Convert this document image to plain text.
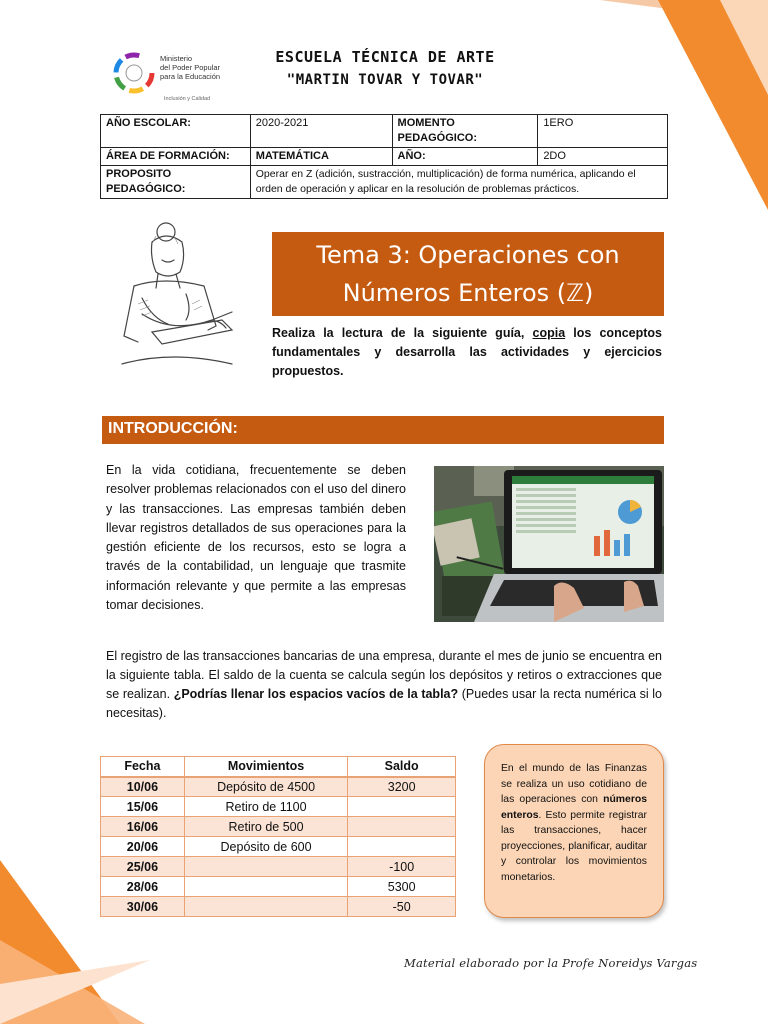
Ministerio
del Poder Popular
para la Educación
Inclusión y Calidad
ESCUELA TÉCNICA DE ARTE
"MARTIN TOVAR Y TOVAR"
AÑO ESCOLAR:	2020-2021	MOMENTO PEDAGÓGICO:	1ERO
ÁREA DE FORMACIÓN:	MATEMÁTICA	AÑO:	2DO
PROPOSITO PEDAGÓGICO:	Operar en Z (adición, sustracción, multiplicación) de forma numérica, aplicando el orden de operación y aplicar en la resolución de problemas prácticos.		
Tema 3: Operaciones con
Números Enteros (ℤ)
Realiza la lectura de la siguiente guía, copia los conceptos fundamentales y desarrolla las actividades y ejercicios propuestos.
INTRODUCCIÓN:
En la vida cotidiana, frecuentemente se deben resolver problemas relacionados con el uso del dinero y las transacciones. Las empresas también deben llevar registros detallados de sus operaciones para la gestión eficiente de los recursos, esto se logra a través de la contabilidad, un lenguaje que trasmite información relevante y que permite a las empresas tomar decisiones.
El registro de las transacciones bancarias de una empresa, durante el mes de junio se encuentra en la siguiente tabla. El saldo de la cuenta se calcula según los depósitos y retiros o extracciones que se realizan. ¿Podrías llenar los espacios vacíos de la tabla? (Puedes usar la recta numérica si lo necesitas).
Fecha	Movimientos	Saldo
10/06	Depósito de 4500	3200
15/06	Retiro de 1100	
16/06	Retiro de 500	
20/06	Depósito de 600	
25/06		-100
28/06		5300
30/06		-50
En el mundo de las Finanzas se realiza un uso cotidiano de las operaciones con números enteros. Esto permite registrar las transacciones, hacer proyecciones, planificar, auditar y controlar los movimientos monetarios.
Material elaborado por la Profe Noreidys Vargas
